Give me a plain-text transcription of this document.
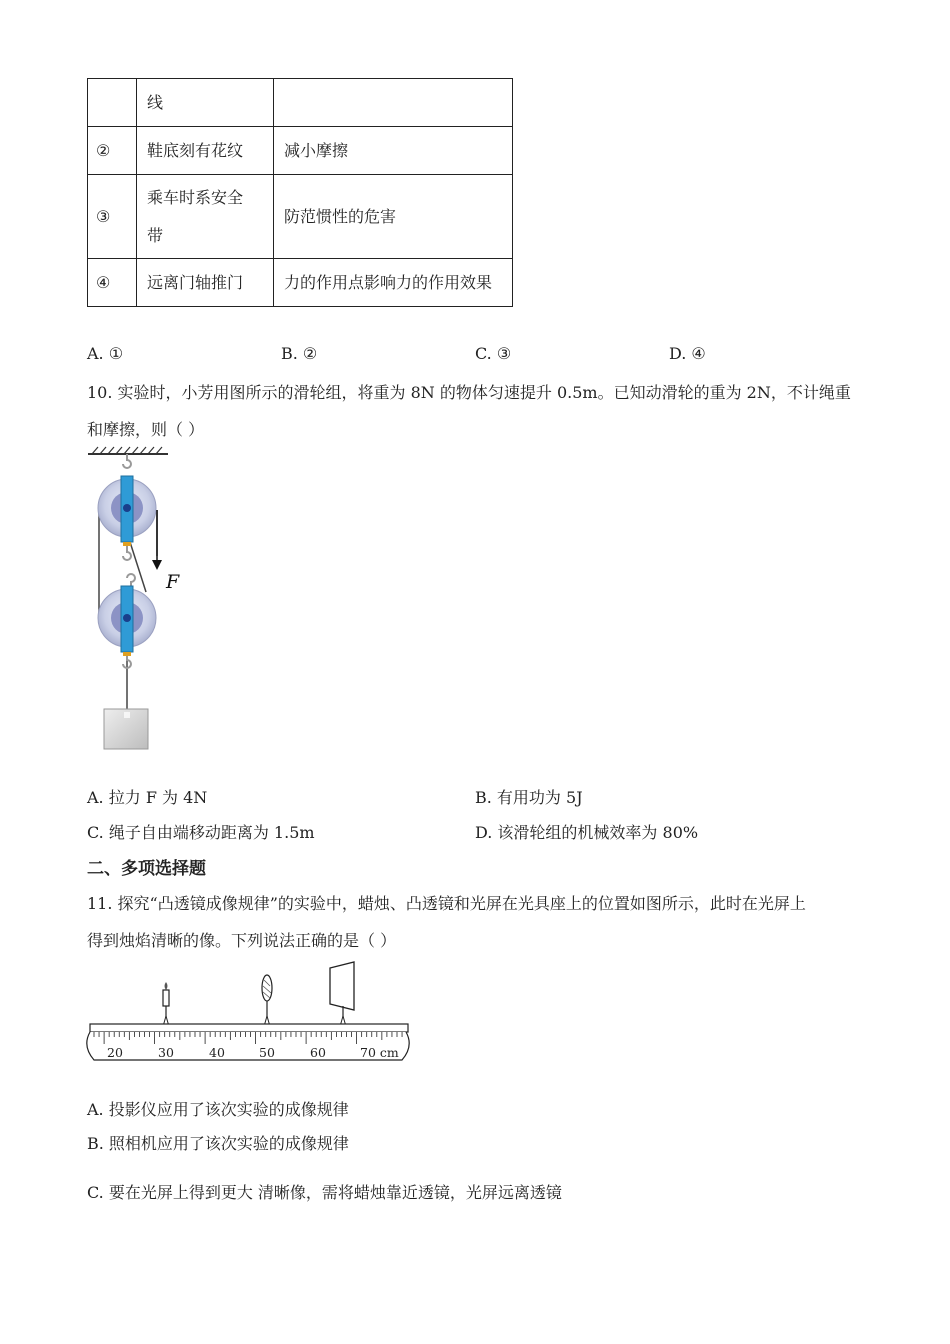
	线	
②	鞋底刻有花纹	减小摩擦
③	乘车时系安全
带	防范惯性的危害
④	远离门轴推门	力的作用点影响力的作用效果
A. ①	B. ②	C. ③	D. ④
10. 实验时，小芳用图所示的滑轮组，将重为 8N 的物体匀速提升 0.5m。已知动滑轮的重为 2N，不计绳重
和摩擦，则（ ）
F
A. 拉力 F 为 4N	B. 有用功为 5J
C. 绳子自由端移动距离为 1.5m	D. 该滑轮组的机械效率为 80%
二、多项选择题
11. 探究“凸透镜成像规律”的实验中，蜡烛、凸透镜和光屏在光具座上的位置如图所示，此时在光屏上
得到烛焰清晰的像。下列说法正确的是（ ）
20	30	40	50	60	70 cm
A. 投影仪应用了该次实验的成像规律
B. 照相机应用了该次实验的成像规律
C. 要在光屏上得到更大 清晰像，需将蜡烛靠近透镜，光屏远离透镜
